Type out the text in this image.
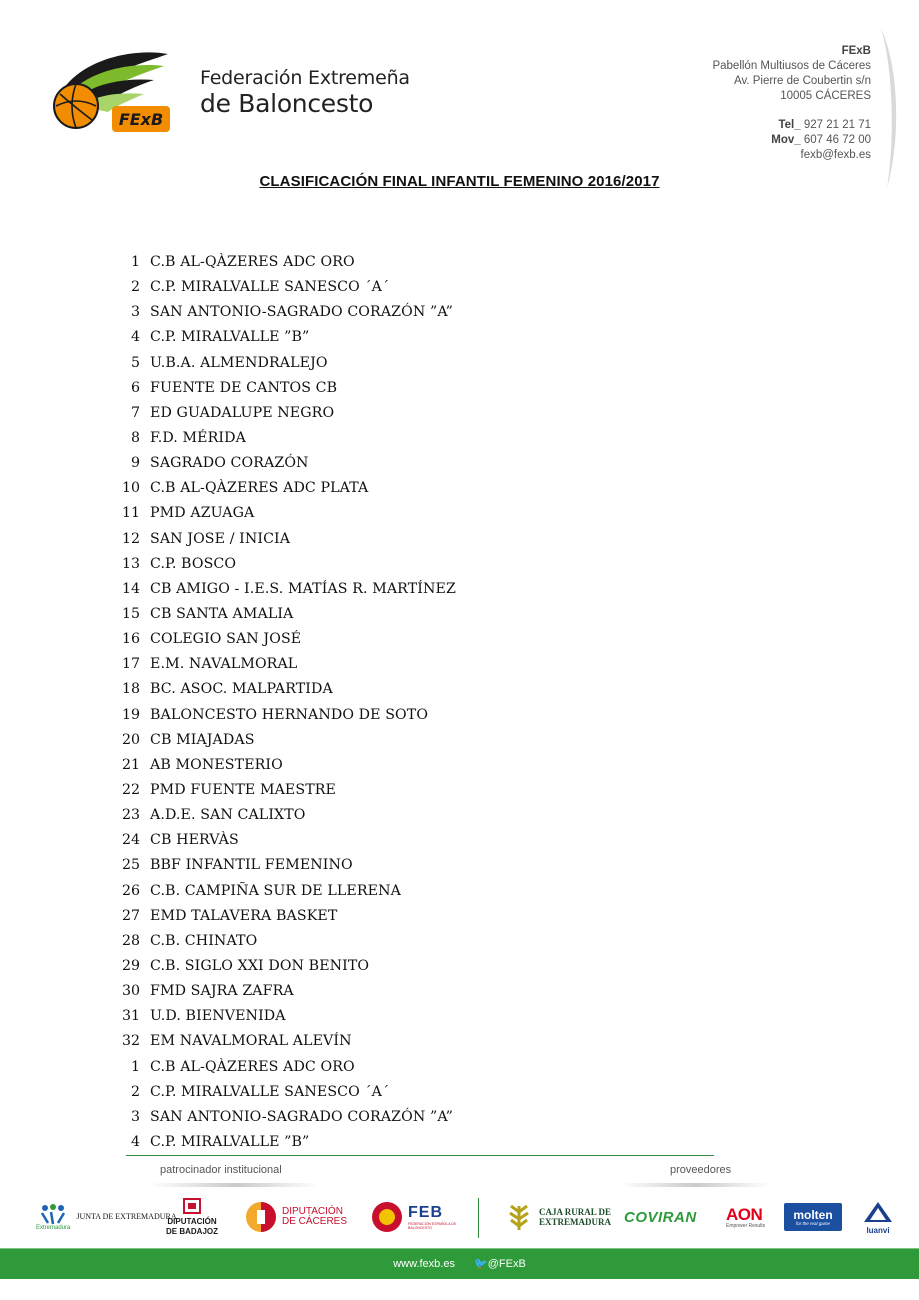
FExB
Federación Extremeña
de Baloncesto
FExB
Pabellón Multiusos de Cáceres
Av. Pierre de Coubertin s/n
10005 CÁCERES
Tel_ 927 21 21 71
Mov_ 607 46 72 00
fexb@fexb.es
CLASIFICACIÓN FINAL INFANTIL FEMENINO 2016/2017
1 C.B AL-QÀZERES ADC ORO
2 C.P. MIRALVALLE SANESCO ´A´
3 SAN ANTONIO-SAGRADO CORAZÓN ”A”
4 C.P. MIRALVALLE ”B”
5 U.B.A. ALMENDRALEJO
6 FUENTE DE CANTOS CB
7 ED GUADALUPE NEGRO
8 F.D. MÉRIDA
9 SAGRADO CORAZÓN
10 C.B AL-QÀZERES ADC PLATA
11 PMD AZUAGA
12 SAN JOSE / INICIA
13 C.P. BOSCO
14 CB AMIGO - I.E.S. MATÍAS R. MARTÍNEZ
15 CB SANTA AMALIA
16 COLEGIO SAN JOSÉ
17 E.M. NAVALMORAL
18 BC. ASOC. MALPARTIDA
19 BALONCESTO HERNANDO DE SOTO
20 CB MIAJADAS
21 AB MONESTERIO
22 PMD FUENTE MAESTRE
23 A.D.E. SAN CALIXTO
24 CB HERVÀS
25 BBF INFANTIL FEMENINO
26 C.B. CAMPIÑA SUR DE LLERENA
27 EMD TALAVERA BASKET
28 C.B. CHINATO
29 C.B. SIGLO XXI DON BENITO
30 FMD SAJRA ZAFRA
31 U.D. BIENVENIDA
32 EM NAVALMORAL ALEVÍN
1 C.B AL-QÀZERES ADC ORO
2 C.P. MIRALVALLE SANESCO ´A´
3 SAN ANTONIO-SAGRADO CORAZÓN ”A”
4 C.P. MIRALVALLE ”B”
patrocinador institucional	proveedores
Extremadura
JUNTA DE EXTREMADURA
DIPUTACIÓN
DE BADAJOZ
DIPUTACIÓN
DE CÁCERES
FEB
FEDERACIÓN ESPAÑOLA DE BALONCESTO
CAJA RURAL DE
EXTREMADURA COVIRAN AON
Empower Results
molten
for the real game
luanvi
www.fexb.es 🐦@FExB
